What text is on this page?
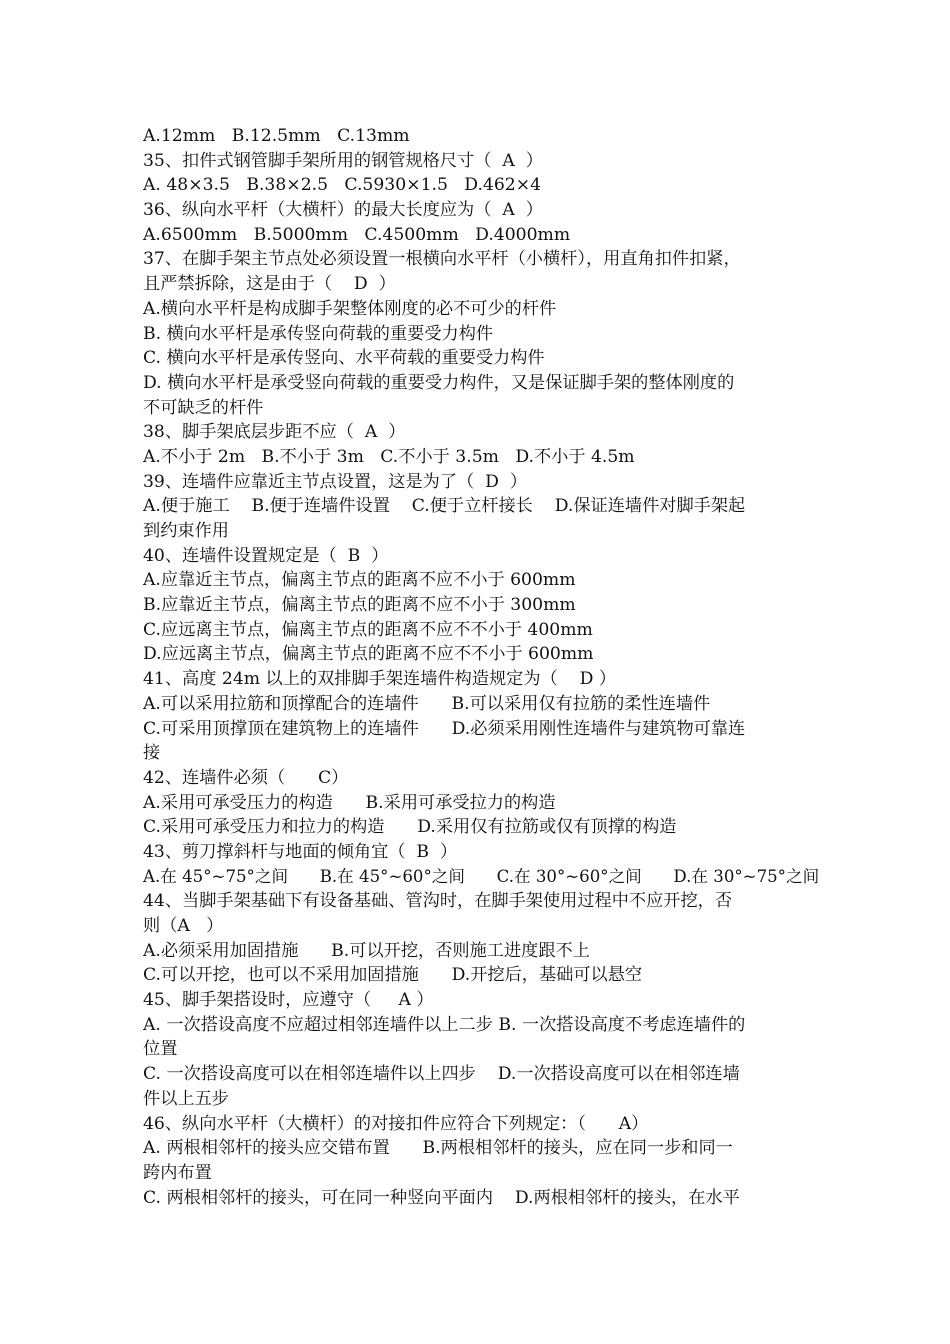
A.12mm   B.12.5mm   C.13mm
35、扣件式钢管脚手架所用的钢管规格尺寸（  A  ）
A. 48×3.5   B.38×2.5   C.5930×1.5   D.462×4
36、纵向水平杆（大横杆）的最大长度应为（  A  ）
A.6500mm   B.5000mm   C.4500mm   D.4000mm
37、在脚手架主节点处必须设置一根横向水平杆（小横杆），用直角扣件扣紧，
且严禁拆除，这是由于（    D  ）
A.横向水平杆是构成脚手架整体刚度的必不可少的杆件
B. 横向水平杆是承传竖向荷载的重要受力构件
C. 横向水平杆是承传竖向、水平荷载的重要受力构件
D. 横向水平杆是承受竖向荷载的重要受力构件，又是保证脚手架的整体刚度的
不可缺乏的杆件
38、脚手架底层步距不应（  A  ）
A.不小于 2m   B.不小于 3m   C.不小于 3.5m   D.不小于 4.5m
39、连墙件应靠近主节点设置，这是为了（  D  ）
A.便于施工    B.便于连墙件设置    C.便于立杆接长    D.保证连墙件对脚手架起
到约束作用
40、连墙件设置规定是（  B  ）
A.应靠近主节点，偏离主节点的距离不应不小于 600mm
B.应靠近主节点，偏离主节点的距离不应不小于 300mm
C.应远离主节点，偏离主节点的距离不应不不小于 400mm
D.应远离主节点，偏离主节点的距离不应不不小于 600mm
41、高度 24m 以上的双排脚手架连墙件构造规定为（    D ）
A.可以采用拉筋和顶撑配合的连墙件      B.可以采用仅有拉筋的柔性连墙件
C.可采用顶撑顶在建筑物上的连墙件      D.必须采用刚性连墙件与建筑物可靠连
接
42、连墙件必须（      C）
A.采用可承受压力的构造      B.采用可承受拉力的构造
C.采用可承受压力和拉力的构造      D.采用仅有拉筋或仅有顶撑的构造
43、剪刀撑斜杆与地面的倾角宜（  B  ）
A.在 45°~75°之间      B.在 45°~60°之间      C.在 30°~60°之间      D.在 30°~75°之间
44、当脚手架基础下有设备基础、管沟时，在脚手架使用过程中不应开挖，否
则（A   ）
A.必须采用加固措施      B.可以开挖，否则施工进度跟不上
C.可以开挖，也可以不采用加固措施      D.开挖后，基础可以悬空
45、脚手架搭设时，应遵守（     A ）
A. 一次搭设高度不应超过相邻连墙件以上二步 B. 一次搭设高度不考虑连墙件的
位置
C. 一次搭设高度可以在相邻连墙件以上四步    D.一次搭设高度可以在相邻连墙
件以上五步
46、纵向水平杆（大横杆）的对接扣件应符合下列规定：（      A）
A. 两根相邻杆的接头应交错布置      B.两根相邻杆的接头，应在同一步和同一
跨内布置
C. 两根相邻杆的接头，可在同一种竖向平面内    D.两根相邻杆的接头，在水平
